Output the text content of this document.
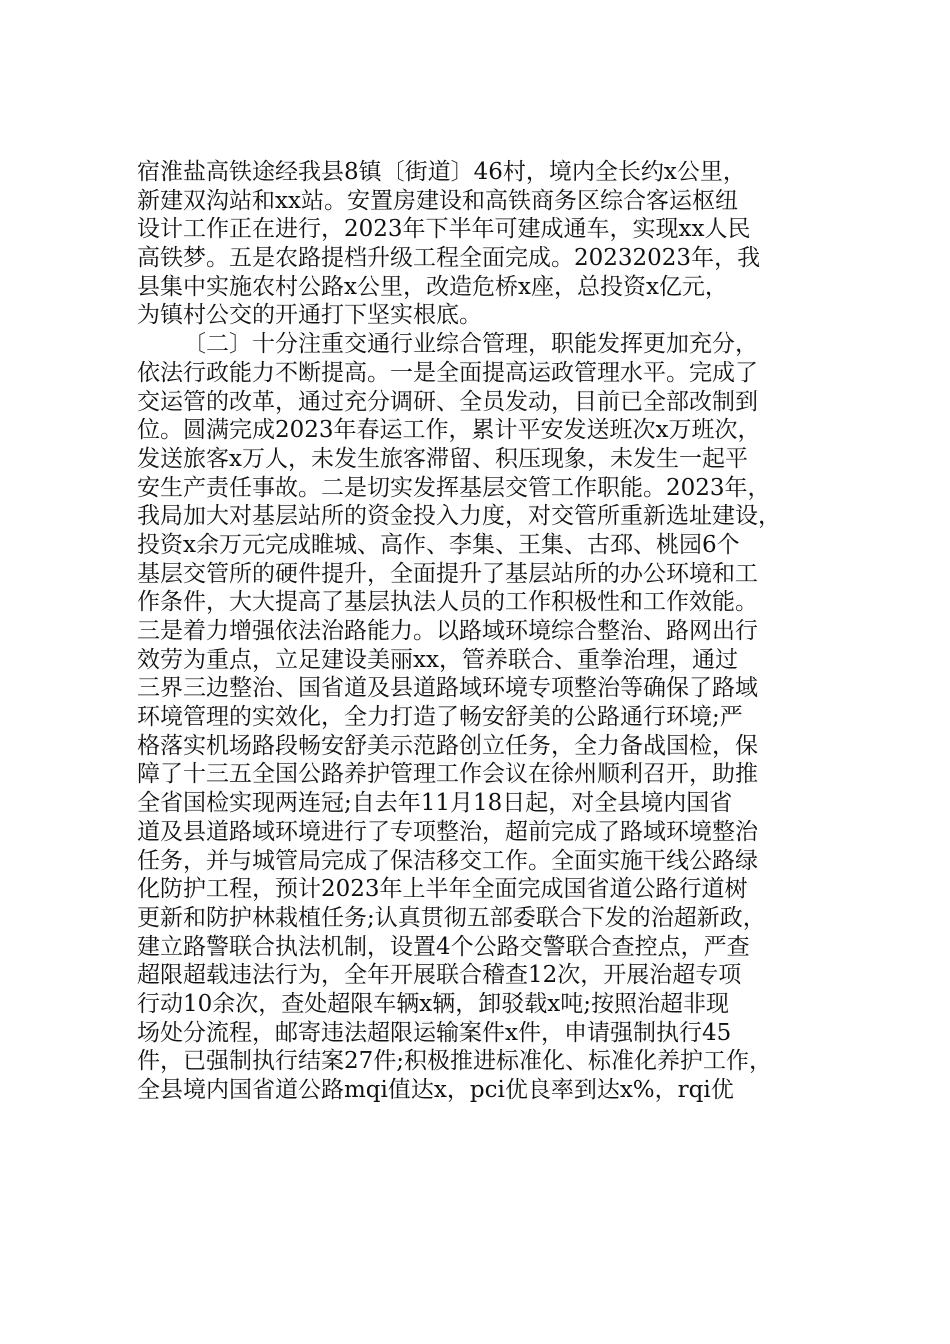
宿淮盐高铁途经我县8镇〔街道〕46村，境内全长约x公里，
新建双沟站和xx站。安置房建设和高铁商务区综合客运枢纽
设计工作正在进行，2023年下半年可建成通车，实现xx人民
高铁梦。五是农路提档升级工程全面完成。20232023年，我
县集中实施农村公路x公里，改造危桥x座，总投资x亿元，
为镇村公交的开通打下坚实根底。
〔二〕十分注重交通行业综合管理，职能发挥更加充分，
依法行政能力不断提高。一是全面提高运政管理水平。完成了
交运管的改革，通过充分调研、全员发动，目前已全部改制到
位。圆满完成2023年春运工作，累计平安发送班次x万班次，
发送旅客x万人，未发生旅客滞留、积压现象，未发生一起平
安生产责任事故。二是切实发挥基层交管工作职能。2023年，
我局加大对基层站所的资金投入力度，对交管所重新选址建设，
投资x余万元完成睢城、高作、李集、王集、古邳、桃园6个
基层交管所的硬件提升，全面提升了基层站所的办公环境和工
作条件，大大提高了基层执法人员的工作积极性和工作效能。
三是着力增强依法治路能力。以路域环境综合整治、路网出行
效劳为重点，立足建设美丽xx，管养联合、重拳治理，通过
三界三边整治、国省道及县道路域环境专项整治等确保了路域
环境管理的实效化，全力打造了畅安舒美的公路通行环境;严
格落实机场路段畅安舒美示范路创立任务，全力备战国检，保
障了十三五全国公路养护管理工作会议在徐州顺利召开，助推
全省国检实现两连冠;自去年11月18日起，对全县境内国省
道及县道路域环境进行了专项整治，超前完成了路域环境整治
任务，并与城管局完成了保洁移交工作。全面实施干线公路绿
化防护工程，预计2023年上半年全面完成国省道公路行道树
更新和防护林栽植任务;认真贯彻五部委联合下发的治超新政，
建立路警联合执法机制，设置4个公路交警联合查控点，严查
超限超载违法行为，全年开展联合稽查12次，开展治超专项
行动10余次，查处超限车辆x辆，卸驳载x吨;按照治超非现
场处分流程，邮寄违法超限运输案件x件，申请强制执行45
件，已强制执行结案27件;积极推进标准化、标准化养护工作，
全县境内国省道公路mqi值达x，pci优良率到达x%，rqi优
